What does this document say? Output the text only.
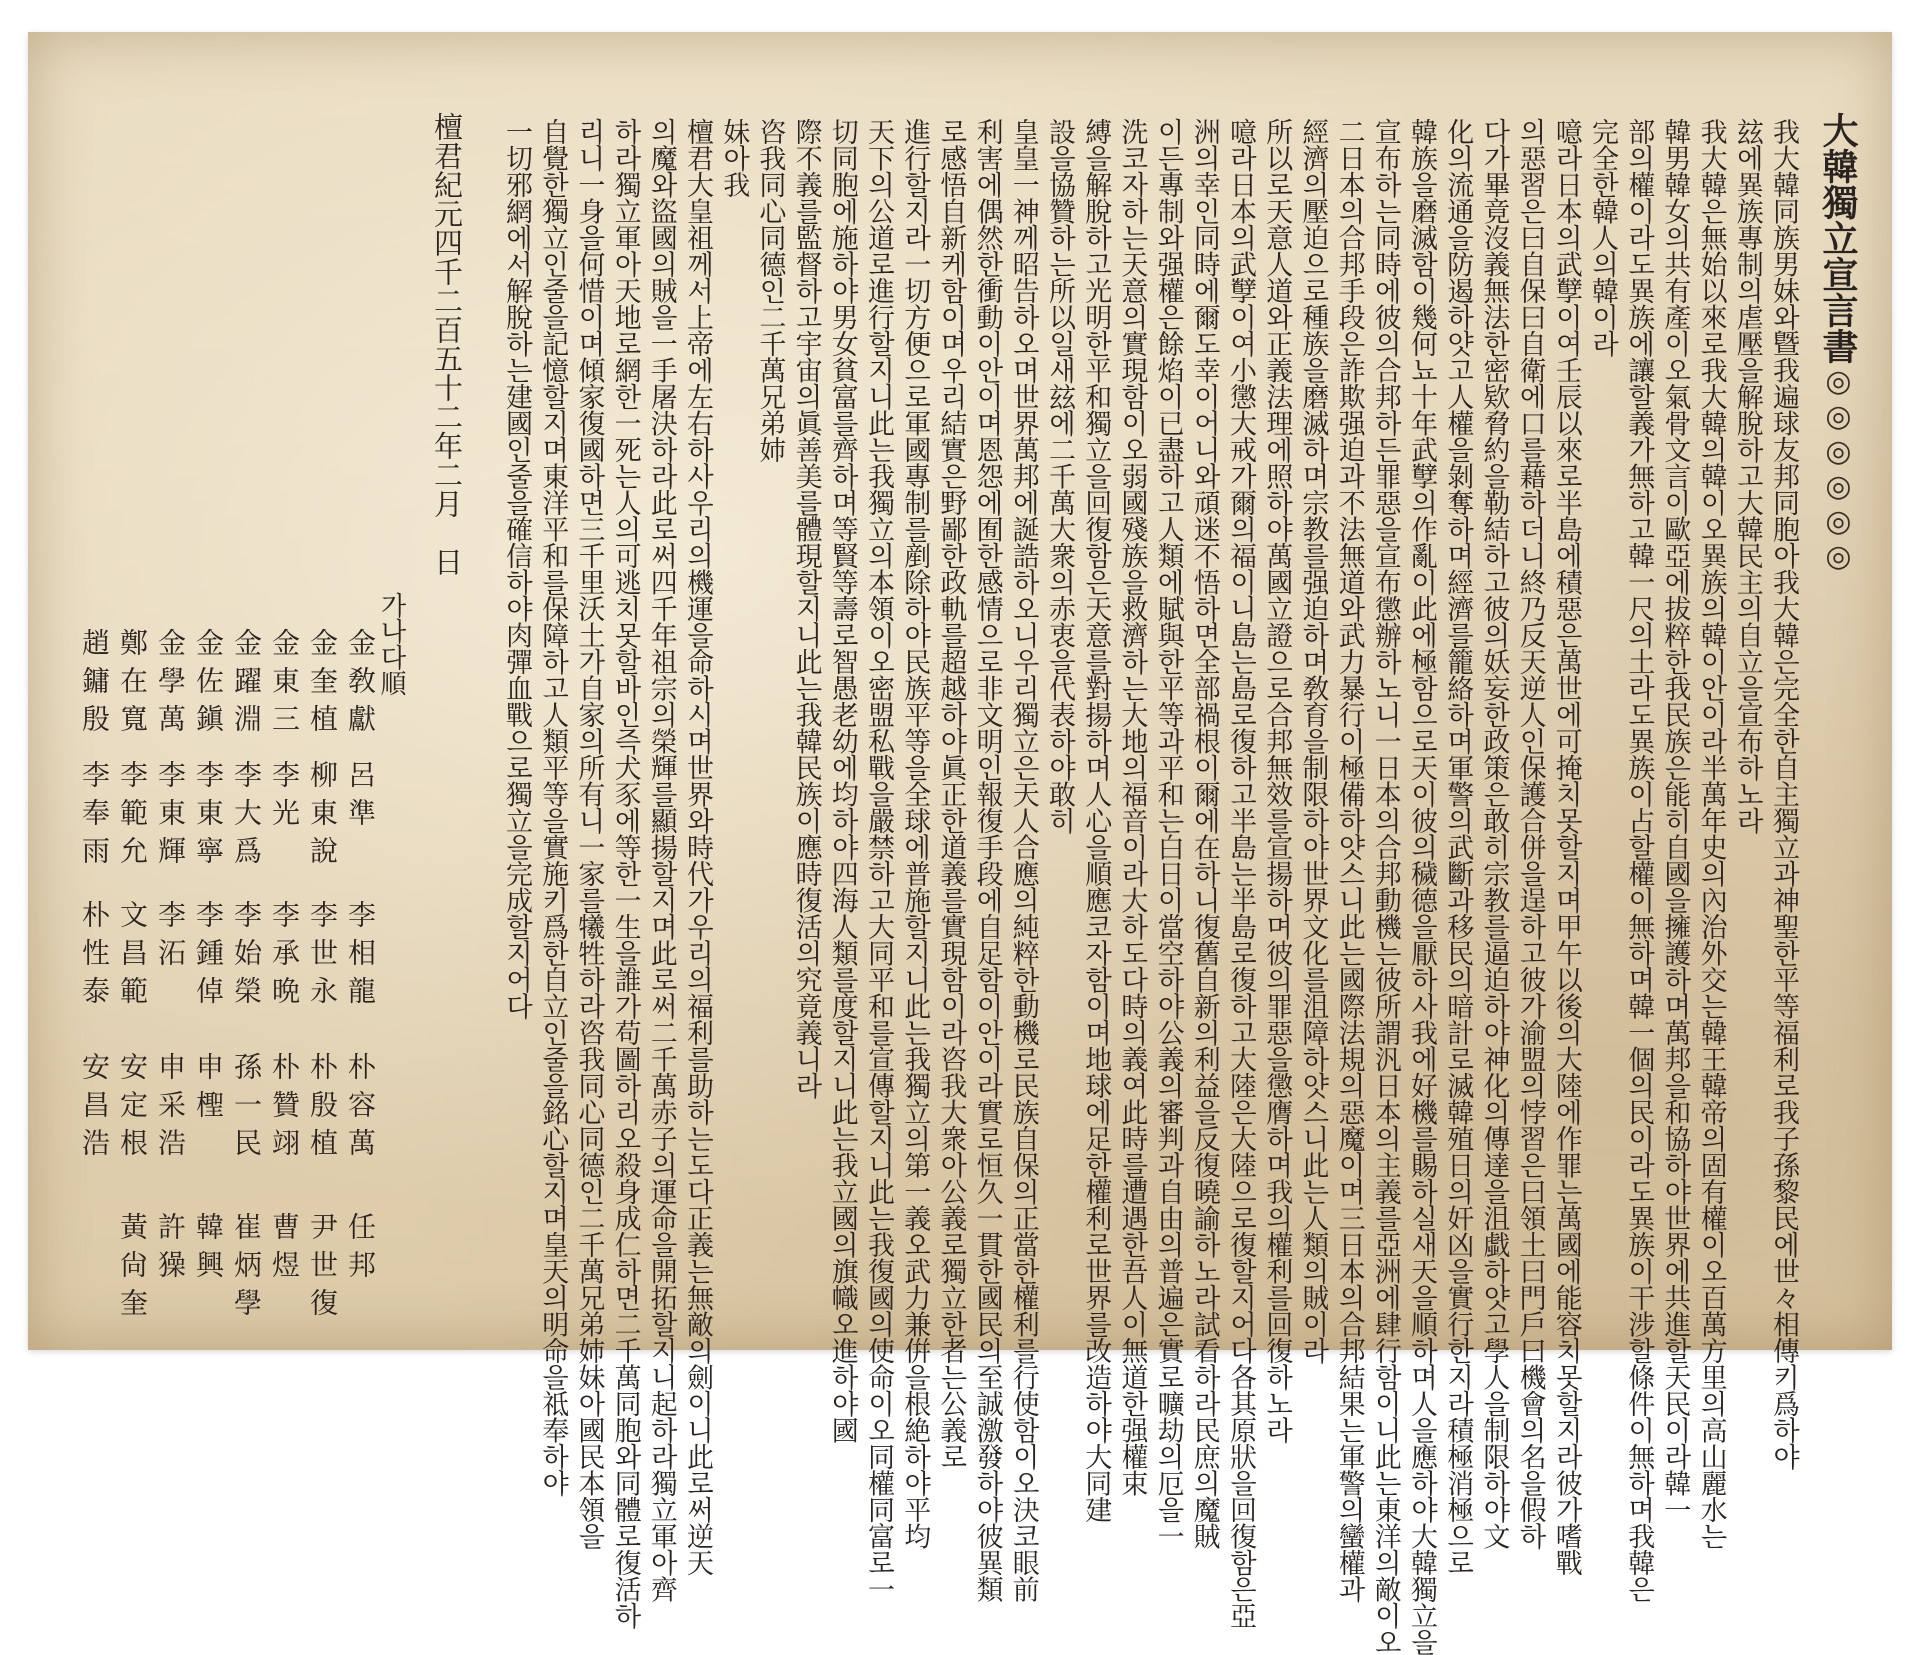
大韓獨立宣言書◎◎◎◎◎◎
我大韓同族男妹와曁我遍球友邦同胞아我大韓은完全한自主獨立과神聖한平等福利로我子孫黎民에世々相傳키爲하야
玆에異族專制의虐壓을解脫하고大韓民主의自立을宣布하노라
我大韓은無始以來로我大韓의韓이오異族의韓이안이라半萬年史의內治外交는韓王韓帝의固有權이오百萬方里의高山麗水는
韓男韓女의共有產이오氣骨文言이歐亞에拔粹한我民族은能히自國을擁護하며萬邦을和協하야世界에共進할天民이라韓一
部의權이라도異族에讓할義가無하고韓一尺의土라도異族이占할權이無하며韓一個의民이라도異族이干涉할條件이無하며我韓은
完全한韓人의韓이라
噫라日本의武孼이여壬辰以來로半島에積惡은萬世에可掩치못할지며甲午以後의大陸에作罪는萬國에能容치못할지라彼가嗜戰
의惡習은曰自保曰自衛에口를藉하더니終乃反天逆人인保護合併을逞하고彼가渝盟의悖習은曰領土曰門戶曰機會의名을假하
다가畢竟沒義無法한密欵脅約을勒結하고彼의妖妄한政策은敢히宗教를逼迫하야神化의傳達을沮戱하얏고學人을制限하야文
化의流通을防遏하얏고人權을剝奪하며經濟를籠絡하며軍警의武斷과移民의暗計로滅韓殖日의奸凶을實行한지라積極消極으로
韓族을磨滅함이幾何뇨十年武孼의作亂이此에極함으로天이彼의穢德을厭하사我에好機를賜하실새天을順하며人을應하야大韓獨立을
宣布하는同時에彼의合邦하든罪惡을宣布懲辦하노니一日本의合邦動機는彼所謂汎日本의主義를亞洲에肆行함이니此는東洋의敵이오
二日本의合邦手段은詐欺强迫과不法無道와武力暴行이極備하얏스니此는國際法規의惡魔이며三日本의合邦結果는軍警의蠻權과
經濟의壓迫으로種族을磨滅하며宗教를强迫하며敎育을制限하야世界文化를沮障하얏스니此는人類의賊이라
所以로天意人道와正義法理에照하야萬國立證으로合邦無效를宣揚하며彼의罪惡을懲膺하며我의權利를回復하노라
噫라日本의武孼이여小懲大戒가爾의福이니島는島로復하고半島는半島로復하고大陸은大陸으로復할지어다各其原狀을回復함은亞
洲의幸인同時에爾도幸이어니와頑迷不悟하면全部禍根이爾에在하니復舊自新의利益을反復曉諭하노라試看하라民庶의魔賊
이든專制와强權은餘焰이已盡하고人類에賦與한平等과平和는白日이當空하야公義의審判과自由의普遍은實로曠劫의厄을一
洗코자하는天意의實現함이오弱國殘族을救濟하는大地의福音이라大하도다時의義여此時를遭遇한吾人이無道한强權束
縛을解脫하고光明한平和獨立을回復함은天意를對揚하며人心을順應코자함이며地球에足한權利로世界를改造하야大同建
設을協贊하는所以일새玆에二千萬大衆의赤衷을代表하야敢히
皇皇一神께昭告하오며世界萬邦에誕誥하오니우리獨立은天人合應의純粹한動機로民族自保의正當한權利를行使함이오決코眼前
利害에偶然한衝動이안이며恩怨에囿한感情으로非文明인報復手段에自足함이안이라實로恒久一貫한國民의至誠激發하야彼異類
로感悟自新케함이며우리結實은野鄙한政軌를超越하야眞正한道義를實現함이라咨我大衆아公義로獨立한者는公義로
進行할지라一切方便으로軍國專制를剷除하야民族平等을全球에普施할지니此는我獨立의第一義오武力兼倂을根絶하야平均
天下의公道로進行할지니此는我獨立의本領이오密盟私戰을嚴禁하고大同平和를宣傳할지니此는我復國의使命이오同權同富로一
切同胞에施하야男女貧富를齊하며等賢等壽로智愚老幼에均하야四海人類를度할지니此는我立國의旗幟오進하야國
際不義를監督하고宇宙의眞善美를體現할지니此는我韓民族이應時復活의究竟義니라
咨我同心同德인二千萬兄弟姉
妹아我
檀君大皇祖께서上帝에左右하사우리의機運을命하시며世界와時代가우리의福利를助하는도다正義는無敵의劍이니此로써逆天
의魔와盜國의賊을一手屠決하라此로써四千年祖宗의榮輝를顯揚할지며此로써二千萬赤子의運命을開拓할지니起하라獨立軍아齊
하라獨立軍아天地로網한一死는人의可逃치못할바인즉犬豕에等한一生을誰가苟圖하리오殺身成仁하면二千萬同胞와同體로復活하
리니一身을何惜이며傾家復國하면三千里沃土가自家의所有니一家를犧牲하라咨我同心同德인二千萬兄弟姉妹아國民本領을
自覺한獨立인줄을記憶할지며東洋平和를保障하고人類平等을實施키爲한自立인줄을銘心할지며皇天의明命을祗奉하야
一切邪網에서解脫하는建國인줄을確信하야肉彈血戰으로獨立을完成할지어다
檀君紀元四千二百五十二年二月　日
가나다順
金敎獻
呂準
李相龍
朴容萬
任邦
金奎植
柳東說
李世永
朴殷植
尹世復
金東三
李光
李承晩
朴贊翊
曹煜
金躍淵
李大爲
李始榮
孫一民
崔炳學
金佐鎭
李東寧
李鍾倬
申檉
韓興
金學萬
李東輝
李沰
申采浩
許𤢖
鄭在寬
李範允
文昌範
安定根
黃尙奎
趙鏞殷
李奉雨
朴性泰
安昌浩
